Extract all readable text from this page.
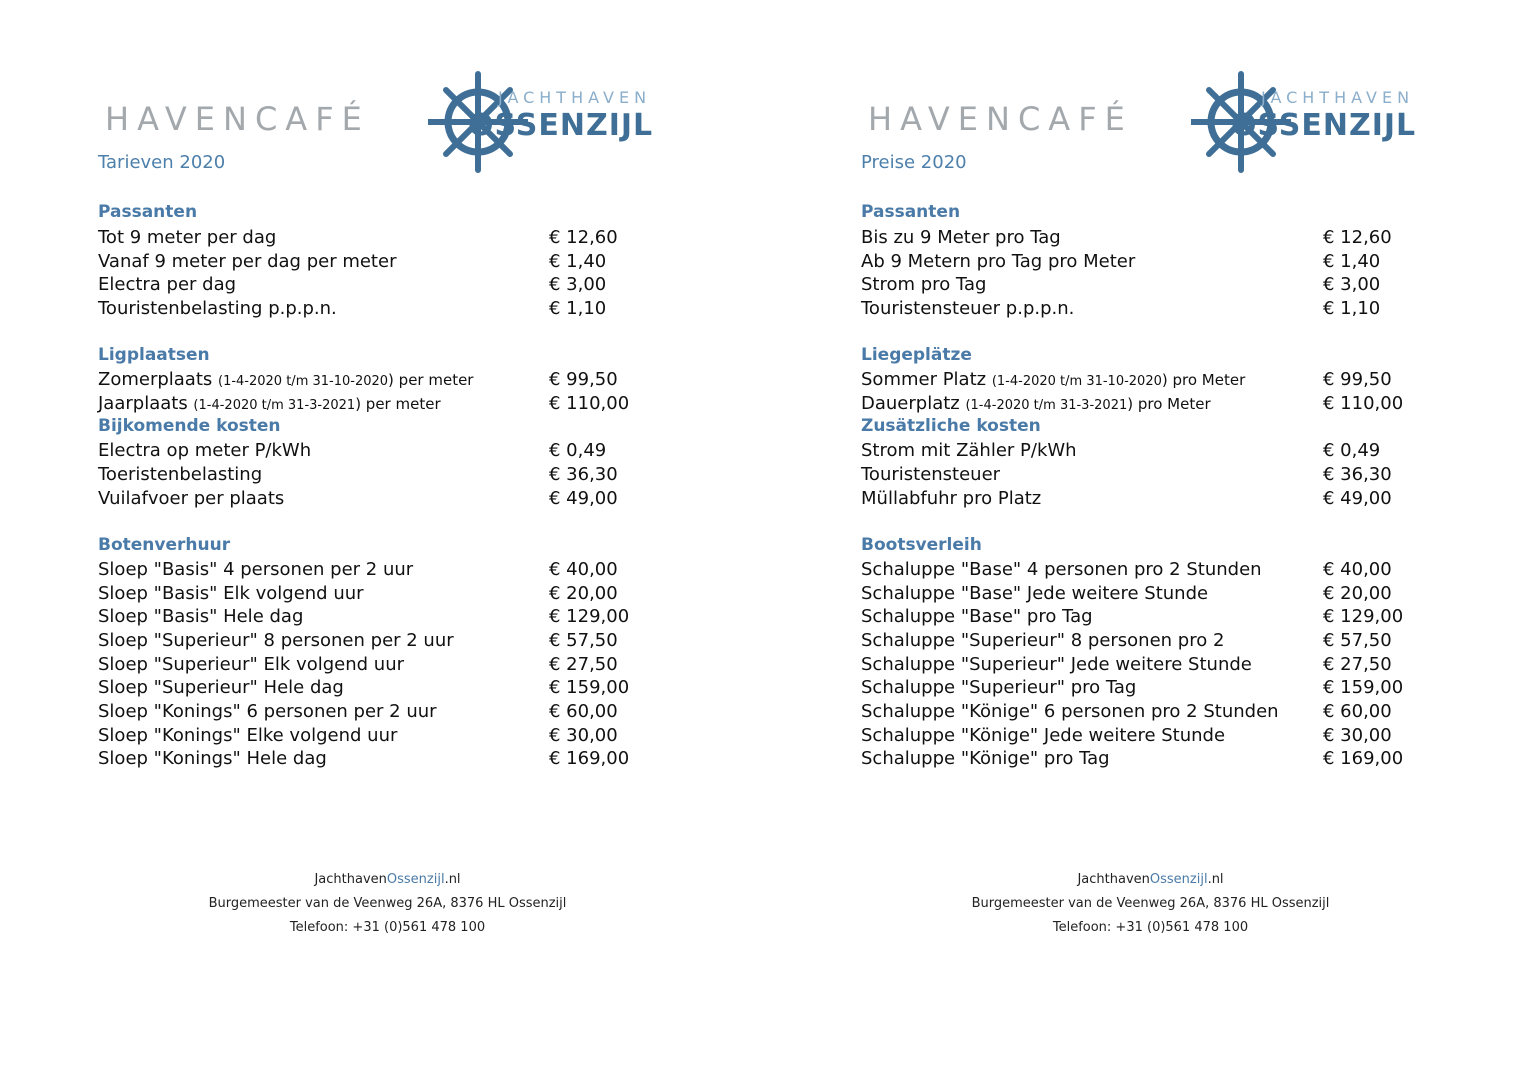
HAVENCAFÉ
JACHTHAVEN
OSSENZIJL
Tarieven 2020
Passanten
Tot 9 meter per dag	€ 12,60
Vanaf 9 meter per dag per meter	€ 1,40
Electra per dag	€ 3,00
Touristenbelasting p.p.p.n.	€ 1,10
Ligplaatsen
Zomerplaats (1-4-2020 t/m 31-10-2020) per meter	€ 99,50
Jaarplaats (1-4-2020 t/m 31-3-2021) per meter	€ 110,00
Bijkomende kosten
Electra op meter P/kWh	€ 0,49
Toeristenbelasting	€ 36,30
Vuilafvoer per plaats	€ 49,00
Botenverhuur
Sloep "Basis" 4 personen per 2 uur	€ 40,00
Sloep "Basis" Elk volgend uur	€ 20,00
Sloep "Basis" Hele dag	€ 129,00
Sloep "Superieur" 8 personen per 2 uur	€ 57,50
Sloep "Superieur" Elk volgend uur	€ 27,50
Sloep "Superieur" Hele dag	€ 159,00
Sloep "Konings" 6 personen per 2 uur	€ 60,00
Sloep "Konings" Elke volgend uur	€ 30,00
Sloep "Konings" Hele dag	€ 169,00
JachthavenOssenzijl.nl
Burgemeester van de Veenweg 26A, 8376 HL Ossenzijl
Telefoon: +31 (0)561 478 100
HAVENCAFÉ
JACHTHAVEN
OSSENZIJL
Preise 2020
Passanten
Bis zu 9 Meter pro Tag	€ 12,60
Ab 9 Metern pro Tag pro Meter	€ 1,40
Strom pro Tag	€ 3,00
Touristensteuer p.p.p.n.	€ 1,10
Liegeplätze
Sommer Platz (1-4-2020 t/m 31-10-2020) pro Meter	€ 99,50
Dauerplatz (1-4-2020 t/m 31-3-2021) pro Meter	€ 110,00
Zusätzliche kosten
Strom mit Zähler P/kWh	€ 0,49
Touristensteuer	€ 36,30
Müllabfuhr pro Platz	€ 49,00
Bootsverleih
Schaluppe "Base" 4 personen pro 2 Stunden	€ 40,00
Schaluppe "Base" Jede weitere Stunde	€ 20,00
Schaluppe "Base" pro Tag	€ 129,00
Schaluppe "Superieur" 8 personen pro 2	€ 57,50
Schaluppe "Superieur" Jede weitere Stunde	€ 27,50
Schaluppe "Superieur" pro Tag	€ 159,00
Schaluppe "Könige" 6 personen pro 2 Stunden € 60,00
Schaluppe "Könige" Jede weitere Stunde	€ 30,00
Schaluppe "Könige" pro Tag	€ 169,00
JachthavenOssenzijl.nl
Burgemeester van de Veenweg 26A, 8376 HL Ossenzijl
Telefoon: +31 (0)561 478 100
